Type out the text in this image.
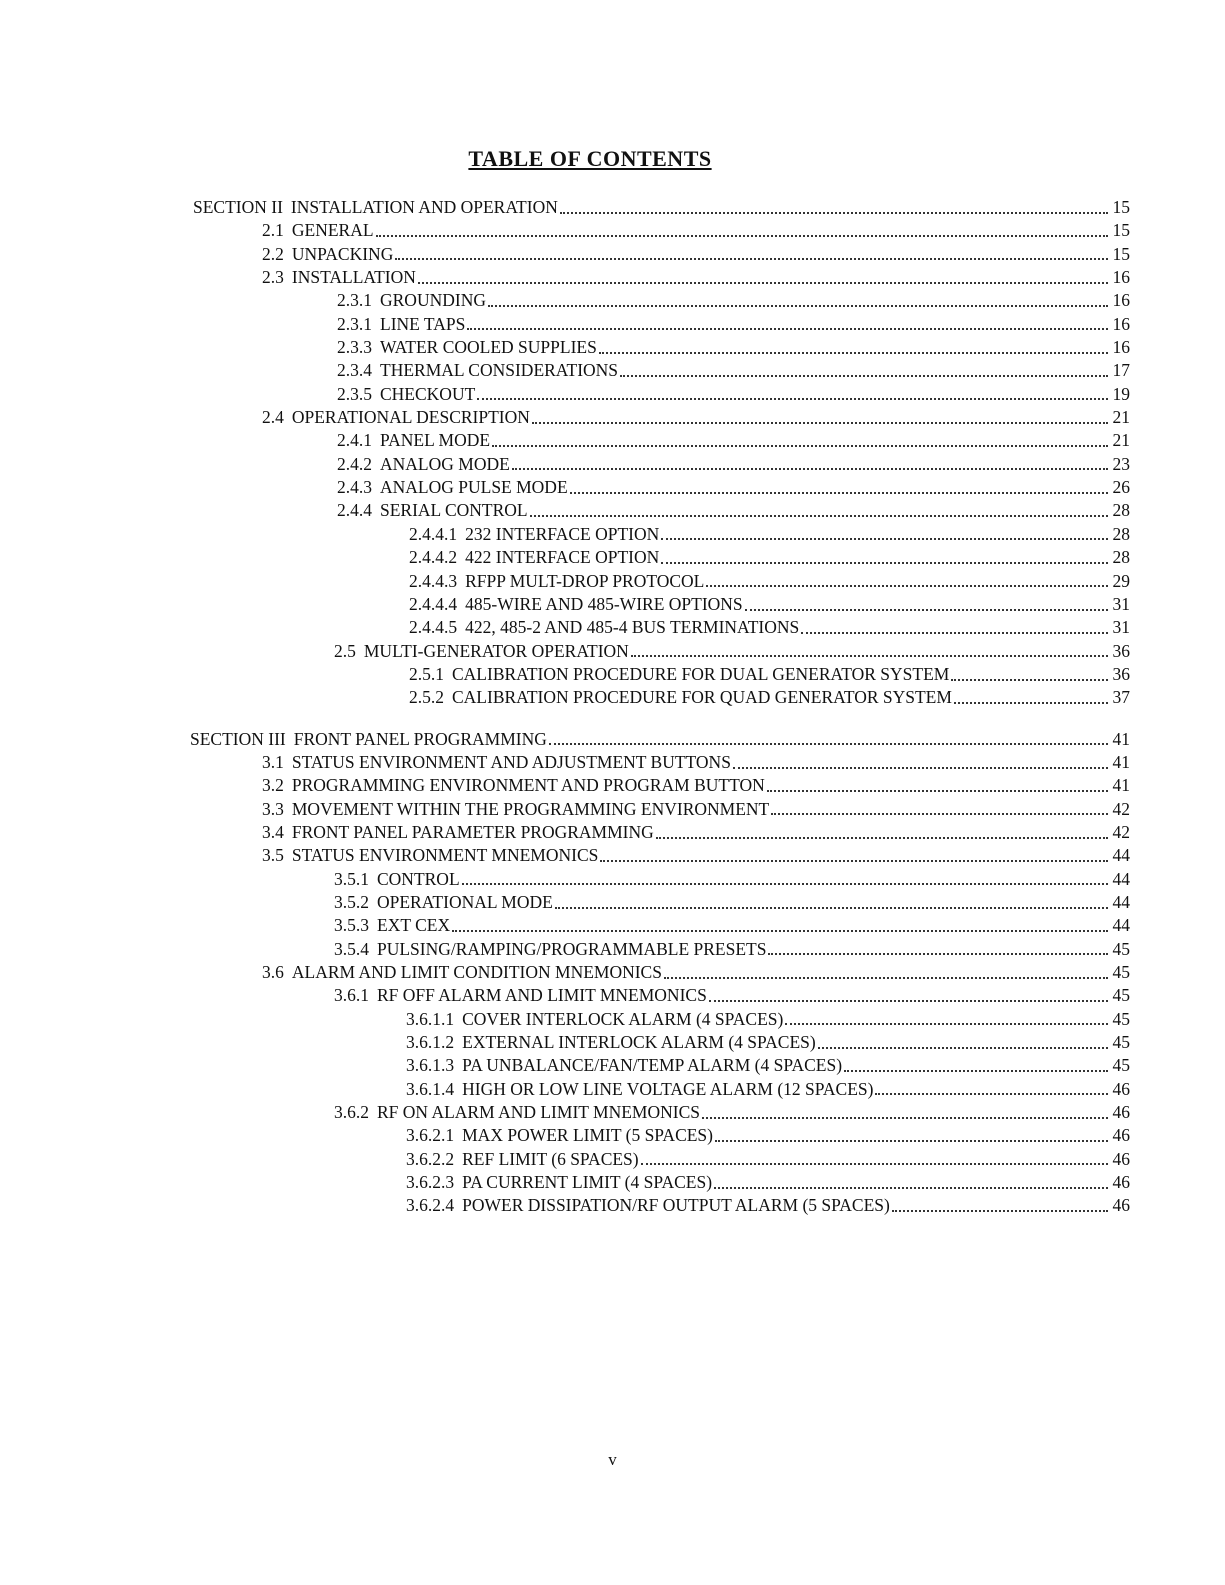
TABLE OF CONTENTS
SECTION II INSTALLATION AND OPERATION	15
2.1 GENERAL	15
2.2 UNPACKING	15
2.3 INSTALLATION	16
2.3.1 GROUNDING	16
2.3.1 LINE TAPS	16
2.3.3 WATER COOLED SUPPLIES	16
2.3.4 THERMAL CONSIDERATIONS	17
2.3.5 CHECKOUT	19
2.4 OPERATIONAL DESCRIPTION	21
2.4.1 PANEL MODE	21
2.4.2 ANALOG MODE	23
2.4.3 ANALOG PULSE MODE	26
2.4.4 SERIAL CONTROL	28
2.4.4.1 232 INTERFACE OPTION	28
2.4.4.2 422 INTERFACE OPTION	28
2.4.4.3 RFPP MULT-DROP PROTOCOL	29
2.4.4.4 485-WIRE AND 485-WIRE OPTIONS	31
2.4.4.5 422, 485-2 AND 485-4 BUS TERMINATIONS	31
2.5 MULTI-GENERATOR OPERATION	36
2.5.1 CALIBRATION PROCEDURE FOR DUAL GENERATOR SYSTEM	36
2.5.2 CALIBRATION PROCEDURE FOR QUAD GENERATOR SYSTEM	37
SECTION III FRONT PANEL PROGRAMMING	41
3.1 STATUS ENVIRONMENT AND ADJUSTMENT BUTTONS	41
3.2 PROGRAMMING ENVIRONMENT AND PROGRAM BUTTON	41
3.3 MOVEMENT WITHIN THE PROGRAMMING ENVIRONMENT	42
3.4 FRONT PANEL PARAMETER PROGRAMMING	42
3.5 STATUS ENVIRONMENT MNEMONICS	44
3.5.1 CONTROL	44
3.5.2 OPERATIONAL MODE	44
3.5.3 EXT CEX	44
3.5.4 PULSING/RAMPING/PROGRAMMABLE PRESETS	45
3.6 ALARM AND LIMIT CONDITION MNEMONICS	45
3.6.1 RF OFF ALARM AND LIMIT MNEMONICS	45
3.6.1.1 COVER INTERLOCK ALARM (4 SPACES)	45
3.6.1.2 EXTERNAL INTERLOCK ALARM (4 SPACES)	45
3.6.1.3 PA UNBALANCE/FAN/TEMP ALARM (4 SPACES)	45
3.6.1.4 HIGH OR LOW LINE VOLTAGE ALARM (12 SPACES)	46
3.6.2 RF ON ALARM AND LIMIT MNEMONICS	46
3.6.2.1 MAX POWER LIMIT (5 SPACES)	46
3.6.2.2 REF LIMIT (6 SPACES)	46
3.6.2.3 PA CURRENT LIMIT (4 SPACES)	46
3.6.2.4 POWER DISSIPATION/RF OUTPUT ALARM (5 SPACES)	46
v
